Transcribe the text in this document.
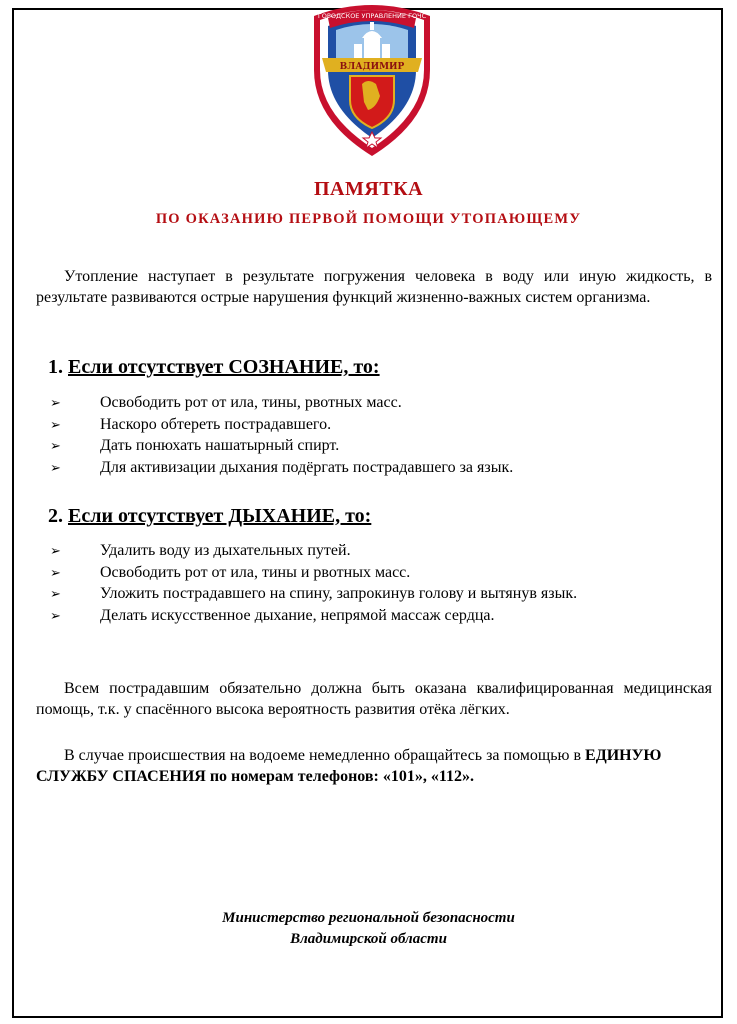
ГОРОДСКОЕ УПРАВЛЕНИЕ ГОЧС
ВЛАДИМИР
ПАМЯТКА
ПО ОКАЗАНИЮ ПЕРВОЙ ПОМОЩИ УТОПАЮЩЕМУ
Утопление наступает в результате погружения человека в воду или иную жидкость, в результате развиваются острые нарушения функций жизненно-важных систем организма.
1. Если отсутствует СОЗНАНИЕ, то:
➢ Освободить рот от ила, тины, рвотных масс.
➢ Наскоро обтереть пострадавшего.
➢ Дать понюхать нашатырный спирт.
➢ Для активизации дыхания подёргать пострадавшего за язык.
2. Если отсутствует ДЫХАНИЕ, то:
➢ Удалить воду из дыхательных путей.
➢ Освободить рот от ила, тины и рвотных масс.
➢ Уложить пострадавшего на спину, запрокинув голову и вытянув язык.
➢ Делать искусственное дыхание, непрямой массаж сердца.
Всем пострадавшим обязательно должна быть оказана квалифицированная медицинская помощь, т.к. у спасённого высока вероятность развития отёка лёгких.
В случае происшествия на водоеме немедленно обращайтесь за помощью в ЕДИНУЮ СЛУЖБУ СПАСЕНИЯ по номерам телефонов: «101», «112».
Министерство региональной безопасности
Владимирской области
